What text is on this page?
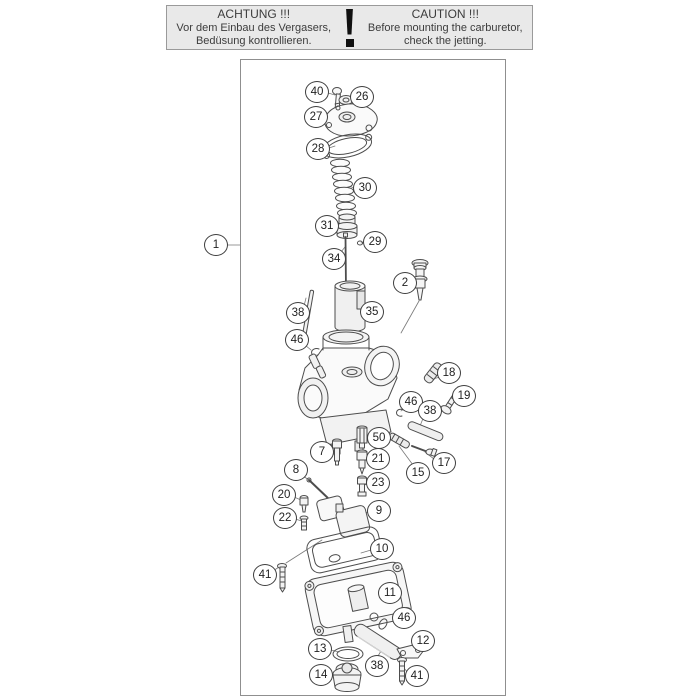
ACHTUNG !!!
Vor dem Einbau des Vergasers,
Bedüsung kontrollieren.
CAUTION !!!
Before mounting the carburetor,
check the jetting.
1
40	26
27
28
30
31
29
34
2
38	35
46
18
19
46
38
50
7
21	17
15
8
23
20
9
22
10
41
11
46
12
13
38
14	41
